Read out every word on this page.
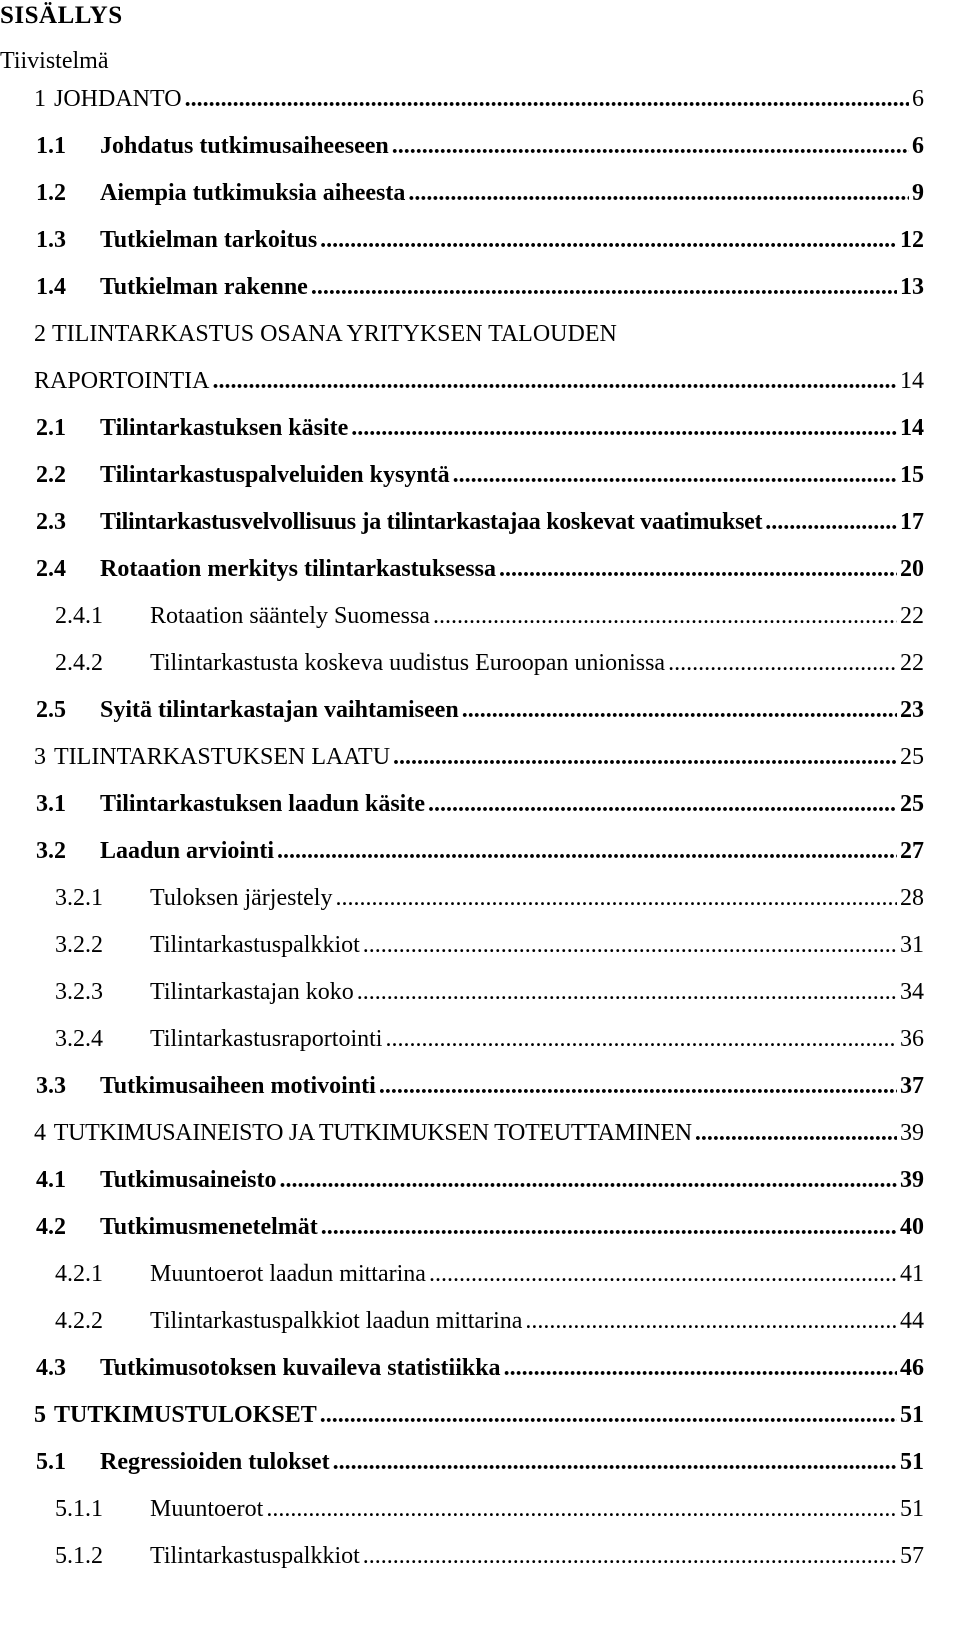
SISÄLLYS
Tiivistelmä
1 JOHDANTO .....	6
1.1 Johdatus tutkimusaiheeseen .....	6
1.2 Aiempia tutkimuksia aiheesta .....	9
1.3 Tutkielman tarkoitus .....	12
1.4 Tutkielman rakenne .....	13
2 TILINTARKASTUS OSANA YRITYKSEN TALOUDEN
RAPORTOINTIA .....	14
2.1 Tilintarkastuksen käsite .....	14
2.2 Tilintarkastuspalveluiden kysyntä .....	15
2.3 Tilintarkastusvelvollisuus ja tilintarkastajaa koskevat vaatimukset .....	17
2.4 Rotaation merkitys tilintarkastuksessa .....	20
2.4.1 Rotaation sääntely Suomessa .....	22
2.4.2 Tilintarkastusta koskeva uudistus Euroopan unionissa .....	22
2.5 Syitä tilintarkastajan vaihtamiseen .....	23
3 TILINTARKASTUKSEN LAATU .....	25
3.1 Tilintarkastuksen laadun käsite .....	25
3.2 Laadun arviointi .....	27
3.2.1 Tuloksen järjestely .....	28
3.2.2 Tilintarkastuspalkkiot .....	31
3.2.3 Tilintarkastajan koko .....	34
3.2.4 Tilintarkastusraportointi .....	36
3.3 Tutkimusaiheen motivointi .....	37
4 TUTKIMUSAINEISTO JA TUTKIMUKSEN TOTEUTTAMINEN .....	39
4.1 Tutkimusaineisto .....	39
4.2 Tutkimusmenetelmät .....	40
4.2.1 Muuntoerot laadun mittarina .....	41
4.2.2 Tilintarkastuspalkkiot laadun mittarina .....	44
4.3 Tutkimusotoksen kuvaileva statistiikka .....	46
5 TUTKIMUSTULOKSET .....	51
5.1 Regressioiden tulokset .....	51
5.1.1 Muuntoerot .....	51
5.1.2 Tilintarkastuspalkkiot .....	57
